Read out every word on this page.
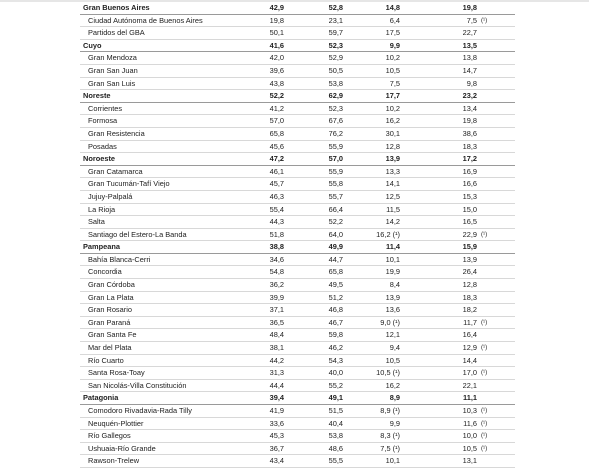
Gran Buenos Aires	42,9	52,8	14,8	19,8
Ciudad Autónoma de Buenos Aires	19,8	23,1	6,4	7,5 (¹)
Partidos del GBA	50,1	59,7	17,5	22,7
Cuyo	41,6	52,3	9,9	13,5
Gran Mendoza	42,0	52,9	10,2	13,8
Gran San Juan	39,6	50,5	10,5	14,7
Gran San Luis	43,8	53,8	7,5	9,8
Noreste	52,2	62,9	17,7	23,2
Corrientes	41,2	52,3	10,2	13,4
Formosa	57,0	67,6	16,2	19,8
Gran Resistencia	65,8	76,2	30,1	38,6
Posadas	45,6	55,9	12,8	18,3
Noroeste	47,2	57,0	13,9	17,2
Gran Catamarca	46,1	55,9	13,3	16,9
Gran Tucumán-Tafí Viejo	45,7	55,8	14,1	16,6
Jujuy-Palpalá	46,3	55,7	12,5	15,3
La Rioja	55,4	66,4	11,5	15,0
Salta	44,3	52,2	14,2	16,5
Santiago del Estero-La Banda	51,8	64,0	16,2 (¹)	22,9 (¹)
Pampeana	38,8	49,9	11,4	15,9
Bahía Blanca-Cerri	34,6	44,7	10,1	13,9
Concordia	54,8	65,8	19,9	26,4
Gran Córdoba	36,2	49,5	8,4	12,8
Gran La Plata	39,9	51,2	13,9	18,3
Gran Rosario	37,1	46,8	13,6	18,2
Gran Paraná	36,5	46,7	9,0 (¹)	11,7 (¹)
Gran Santa Fe	48,4	59,8	12,1	16,4
Mar del Plata	38,1	46,2	9,4	12,9 (¹)
Río Cuarto	44,2	54,3	10,5	14,4
Santa Rosa-Toay	31,3	40,0	10,5 (¹)	17,0 (¹)
San Nicolás-Villa Constitución	44,4	55,2	16,2	22,1
Patagonia	39,4	49,1	8,9	11,1
Comodoro Rivadavia-Rada Tilly	41,9	51,5	8,9 (¹)	10,3 (¹)
Neuquén-Plottier	33,6	40,4	9,9	11,6 (¹)
Río Gallegos	45,3	53,8	8,3 (¹)	10,0 (¹)
Ushuaia-Río Grande	36,7	48,6	7,5 (¹)	10,5 (¹)
Rawson-Trelew	43,4	55,5	10,1	13,1
